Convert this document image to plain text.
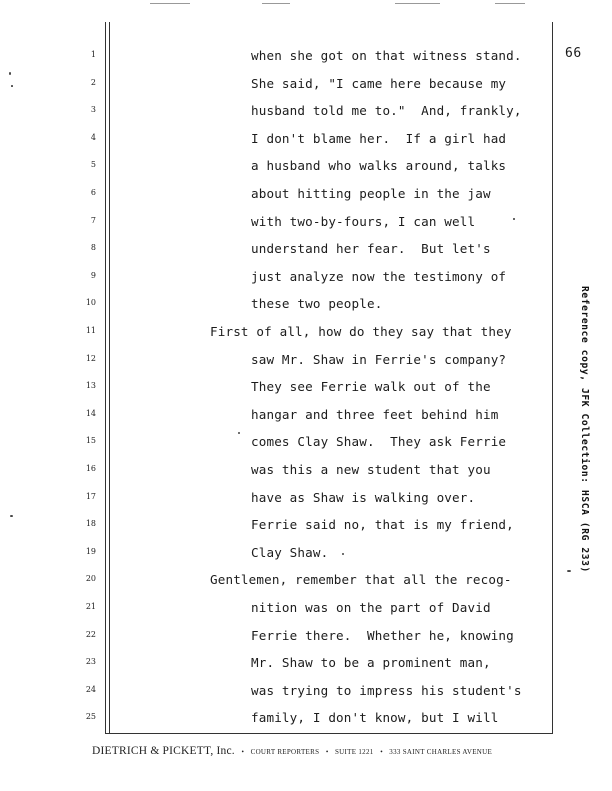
66
1	when she got on that witness stand.
2	She said, "I came here because my
3	husband told me to."  And, frankly,
4	I don't blame her.  If a girl had
5	a husband who walks around, talks
6	about hitting people in the jaw
7	with two-by-fours, I can well
8	understand her fear.  But let's
9	just analyze now the testimony of
10	these two people.
11	First of all, how do they say that they
12	saw Mr. Shaw in Ferrie's company?
13	They see Ferrie walk out of the
14	hangar and three feet behind him
15	comes Clay Shaw.  They ask Ferrie
16	was this a new student that you
17	have as Shaw is walking over.
18	Ferrie said no, that is my friend,
19	Clay Shaw.
20	Gentlemen, remember that all the recog-
21	nition was on the part of David
22	Ferrie there.  Whether he, knowing
23	Mr. Shaw to be a prominent man,
24	was trying to impress his student's
25	family, I don't know, but I will
Reference copy, JFK Collection: HSCA (RG 233)
DIETRICH & PICKETT, Inc. • COURT REPORTERS • SUITE 1221 • 333 SAINT CHARLES AVENUE
